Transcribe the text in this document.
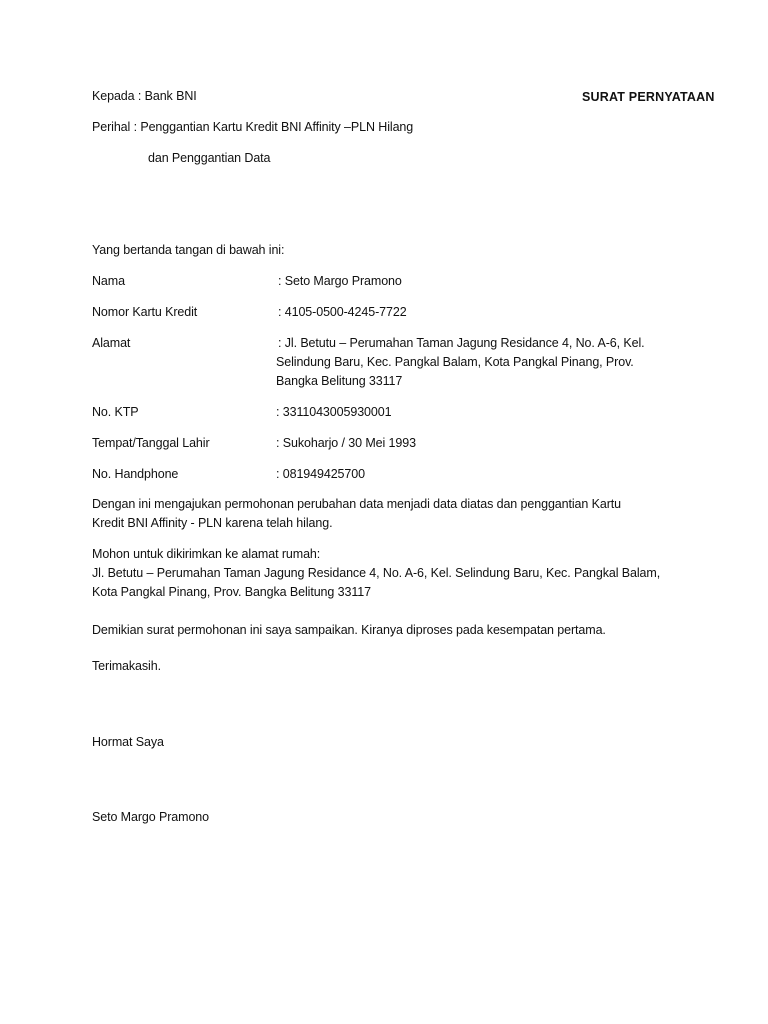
Kepada : Bank BNI	SURAT PERNYATAAN
Perihal : Penggantian Kartu Kredit BNI Affinity –PLN Hilang
dan Penggantian Data
Yang bertanda tangan di bawah ini:
Nama	: Seto Margo Pramono
Nomor Kartu Kredit	: 4105-0500-4245-7722
Alamat	: Jl. Betutu – Perumahan Taman Jagung Residance 4, No. A-6, Kel.
Selindung Baru, Kec. Pangkal Balam, Kota Pangkal Pinang, Prov.
Bangka Belitung 33117
No. KTP	: 3311043005930001
Tempat/Tanggal Lahir	: Sukoharjo / 30 Mei 1993
No. Handphone	: 081949425700
Dengan ini mengajukan permohonan perubahan data menjadi data diatas dan penggantian Kartu
Kredit BNI Affinity - PLN karena telah hilang.
Mohon untuk dikirimkan ke alamat rumah:
Jl. Betutu – Perumahan Taman Jagung Residance 4, No. A-6, Kel. Selindung Baru, Kec. Pangkal Balam,
Kota Pangkal Pinang, Prov. Bangka Belitung 33117
Demikian surat permohonan ini saya sampaikan. Kiranya diproses pada kesempatan pertama.
Terimakasih.
Hormat Saya
Seto Margo Pramono
